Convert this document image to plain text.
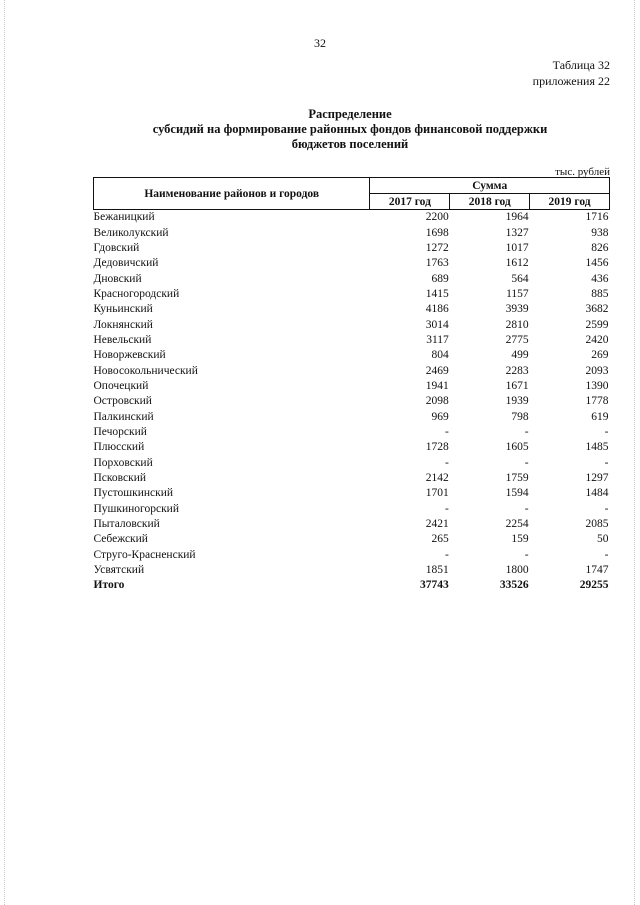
32
Таблица 32
приложения 22
Распределение
субсидий на формирование районных фондов финансовой поддержки
бюджетов поселений
тыс. рублей
Наименование районов и городов	Сумма		
	2017 год	2018 год	2019 год
Бежаницкий	2200	1964	1716
Великолукский	1698	1327	938
Гдовский	1272	1017	826
Дедовичский	1763	1612	1456
Дновский	689	564	436
Красногородский	1415	1157	885
Куньинский	4186	3939	3682
Локнянский	3014	2810	2599
Невельский	3117	2775	2420
Новоржевский	804	499	269
Новосокольнический	2469	2283	2093
Опочецкий	1941	1671	1390
Островский	2098	1939	1778
Палкинский	969	798	619
Печорский	-	-	-
Плюсский	1728	1605	1485
Порховский	-	-	-
Псковский	2142	1759	1297
Пустошкинский	1701	1594	1484
Пушкиногорский	-	-	-
Пыталовский	2421	2254	2085
Себежский	265	159	50
Струго-Красненский	-	-	-
Усвятский	1851	1800	1747
Итого	37743	33526	29255
